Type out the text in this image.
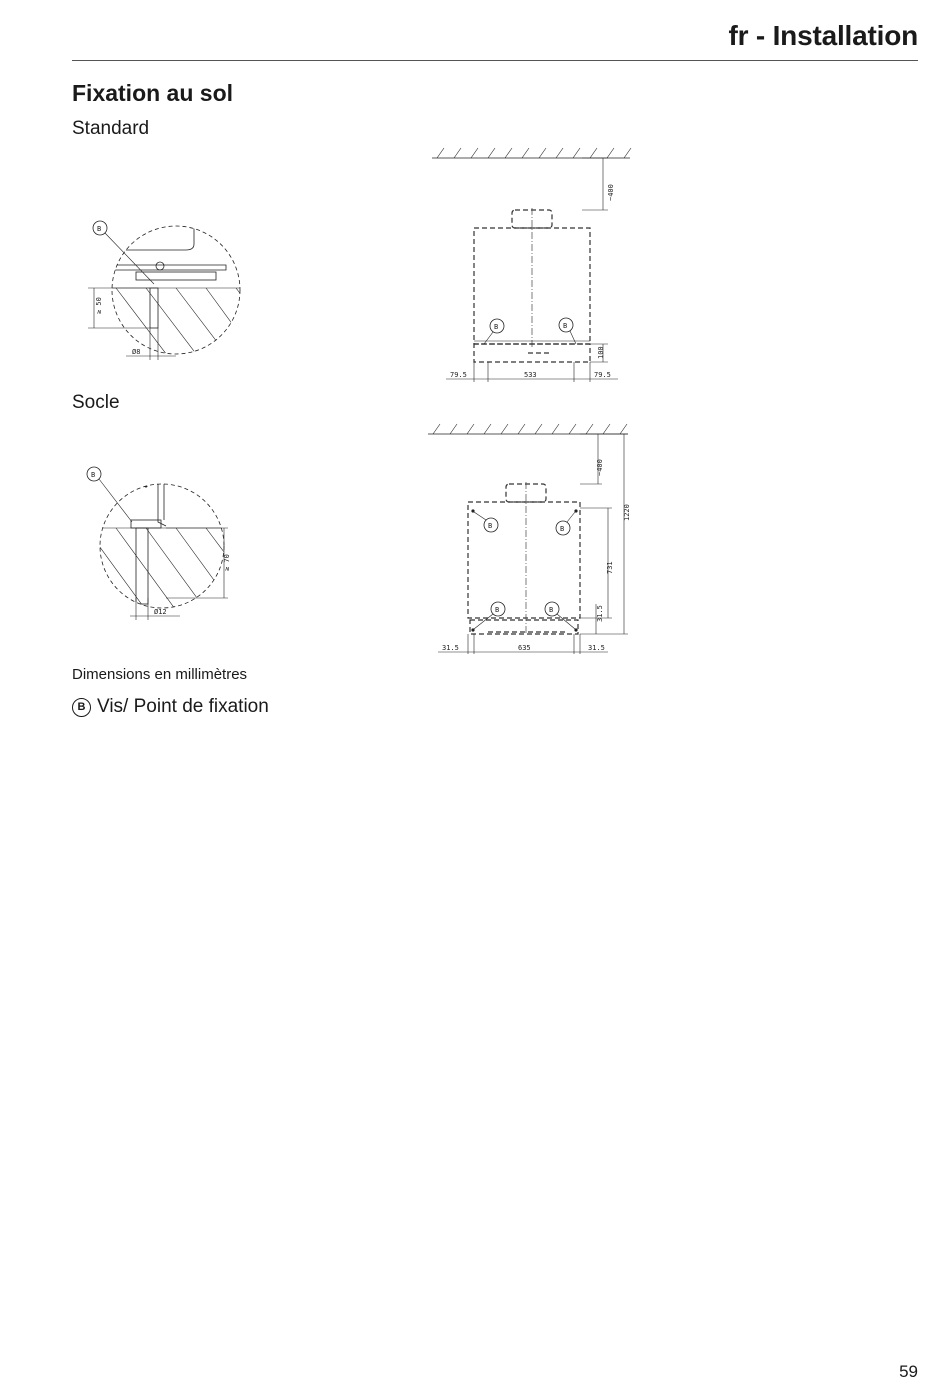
fr - Installation
Fixation au sol
Standard
Socle
B
≥ 50
Ø8
B	B
~400
100
79.5	533	79.5
B
≥ 70
Ø12
B	B
B	B
~400
731
31.5
1220
31.5	635	31.5
Dimensions en millimètres
B Vis/ Point de fixation
59
